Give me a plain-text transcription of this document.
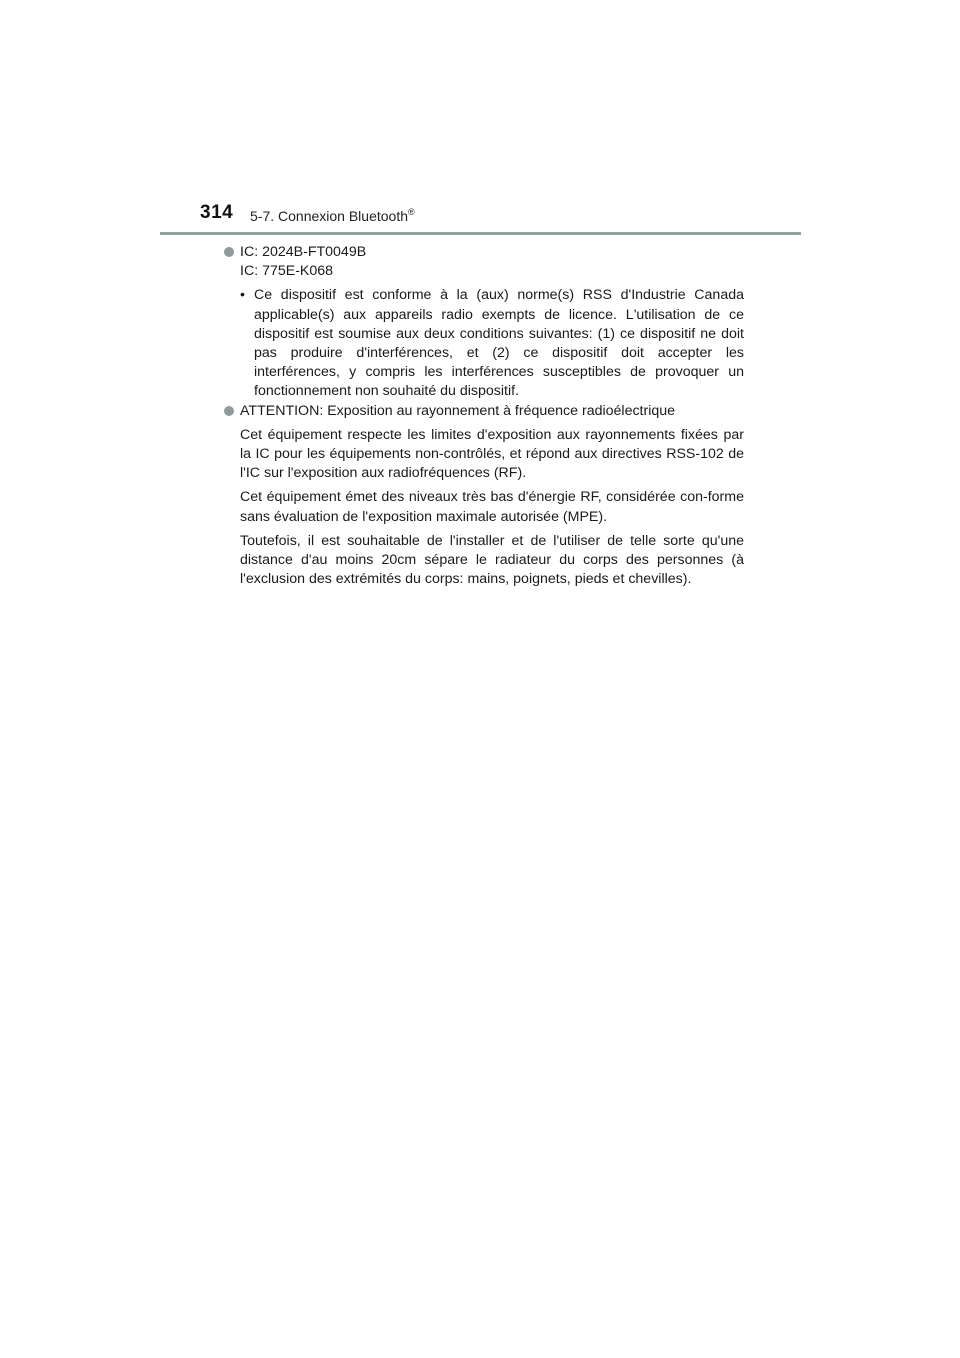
314 5-7. Connexion Bluetooth®
IC: 2024B-FT0049B
IC: 775E-K068
• Ce dispositif est conforme à la (aux) norme(s) RSS d'Industrie Canada applicable(s) aux appareils radio exempts de licence. L'utilisation de ce dispositif est soumise aux deux conditions suivantes: (1) ce dispositif ne doit pas produire d'interférences, et (2) ce dispositif doit accepter les interférences, y compris les interférences susceptibles de provoquer un fonctionnement non souhaité du dispositif.
ATTENTION: Exposition au rayonnement à fréquence radioélectrique
Cet équipement respecte les limites d'exposition aux rayonnements fixées par la IC pour les équipements non-contrôlés, et répond aux directives RSS-102 de l'IC sur l'exposition aux radiofréquences (RF).
Cet équipement émet des niveaux très bas d'énergie RF, considérée con-forme sans évaluation de l'exposition maximale autorisée (MPE).
Toutefois, il est souhaitable de l'installer et de l'utiliser de telle sorte qu'une distance d'au moins 20cm sépare le radiateur du corps des personnes (à l'exclusion des extrémités du corps: mains, poignets, pieds et chevilles).
